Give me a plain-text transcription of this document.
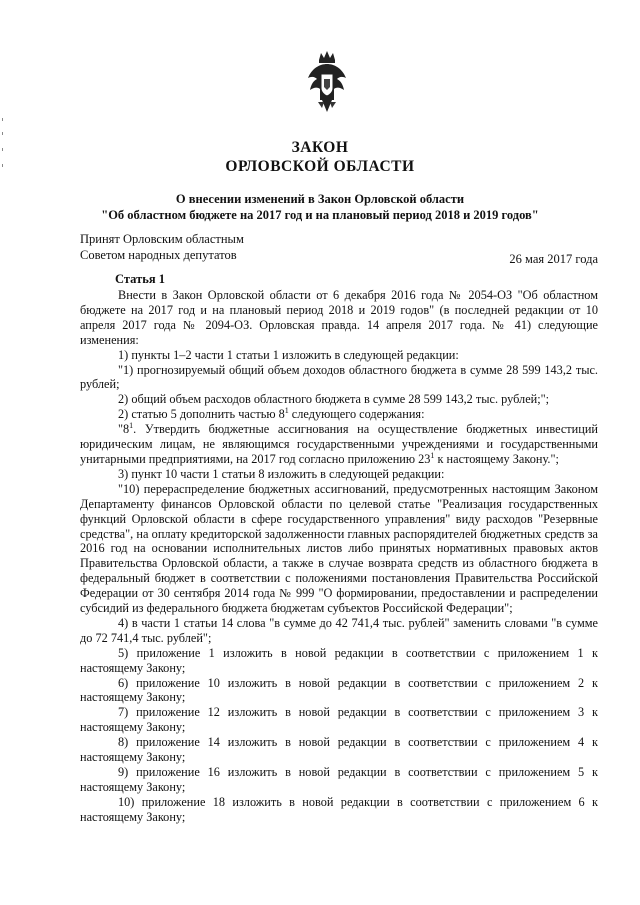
ЗАКОН
ОРЛОВСКОЙ ОБЛАСТИ
О внесении изменений в Закон Орловской области
"Об областном бюджете на 2017 год и на плановый период 2018 и 2019 годов"
Принят Орловским областным
Советом народных депутатов	26 мая 2017 года
Статья 1

Внести в Закон Орловской области от 6 декабря 2016 года № 2054-ОЗ "Об областном бюджете на 2017 год и на плановый период 2018 и 2019 годов" (в последней редакции от 10 апреля 2017 года № 2094-ОЗ. Орловская правда. 14 апреля 2017 года. № 41) следующие изменения:

1) пункты 1–2 части 1 статьи 1 изложить в следующей редакции:

"1) прогнозируемый общий объем доходов областного бюджета в сумме 28 599 143,2 тыс. рублей;

2) общий объем расходов областного бюджета в сумме 28 599 143,2 тыс. рублей;";

2) статью 5 дополнить частью $8^1$ следующего содержания:

"$8^1$. Утвердить бюджетные ассигнования на осуществление бюджетных инвестиций юридическим лицам, не являющимся государственными учреждениями и государственными унитарными предприятиями, на 2017 год согласно приложению $23^1$ к настоящему Закону.";

3) пункт 10 части 1 статьи 8 изложить в следующей редакции:

"10) перераспределение бюджетных ассигнований, предусмотренных настоящим Законом Департаменту финансов Орловской области по целевой статье "Реализация государственных функций Орловской области в сфере государственного управления" виду расходов "Резервные средства", на оплату кредиторской задолженности главных распорядителей бюджетных средств за 2016 год на основании исполнительных листов либо принятых нормативных правовых актов Правительства Орловской области, а также в случае возврата средств из областного бюджета в федеральный бюджет в соответствии с положениями постановления Правительства Российской Федерации от 30 сентября 2014 года № 999 "О формировании, предоставлении и распределении субсидий из федерального бюджета бюджетам субъектов Российской Федерации";

4) в части 1 статьи 14 слова "в сумме до 42 741,4 тыс. рублей" заменить словами "в сумме до 72 741,4 тыс. рублей";

5) приложение 1 изложить в новой редакции в соответствии с приложением 1 к настоящему Закону;

6) приложение 10 изложить в новой редакции в соответствии с приложением 2 к настоящему Закону;

7) приложение 12 изложить в новой редакции в соответствии с приложением 3 к настоящему Закону;

8) приложение 14 изложить в новой редакции в соответствии с приложением 4 к настоящему Закону;

9) приложение 16 изложить в новой редакции в соответствии с приложением 5 к настоящему Закону;

10) приложение 18 изложить в новой редакции в соответствии с приложением 6 к настоящему Закону;
